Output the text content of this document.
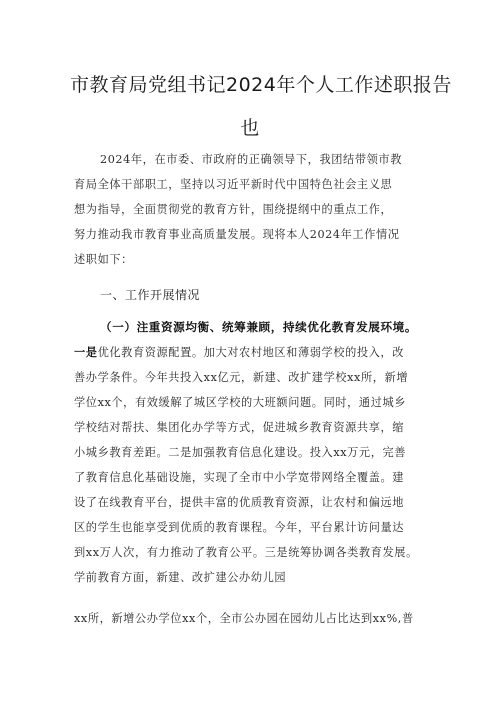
市教育局党组书记2024年个人工作述职报告
也
2024年，在市委、市政府的正确领导下，我团结带领市教
育局全体干部职工，坚持以习近平新时代中国特色社会主义思
想为指导，全面贯彻党的教育方针，围绕提纲中的重点工作，
努力推动我市教育事业高质量发展。现将本人2024年工作情况
述职如下：
一、工作开展情况
（一）注重资源均衡、统筹兼顾，持续优化教育发展环境。
一是优化教育资源配置。加大对农村地区和薄弱学校的投入，改
善办学条件。今年共投入xx亿元，新建、改扩建学校xx所，新增
学位xx个，有效缓解了城区学校的大班额问题。同时，通过城乡
学校结对帮扶、集团化办学等方式，促进城乡教育资源共享，缩
小城乡教育差距。二是加强教育信息化建设。投入xx万元，完善
了教育信息化基础设施，实现了全市中小学宽带网络全覆盖。建
设了在线教育平台，提供丰富的优质教育资源，让农村和偏远地
区的学生也能享受到优质的教育课程。今年，平台累计访问量达
到xx万人次，有力推动了教育公平。三是统筹协调各类教育发展。
学前教育方面，新建、改扩建公办幼儿园
xx所，新增公办学位xx个，全市公办园在园幼儿占比达到xx%,普
